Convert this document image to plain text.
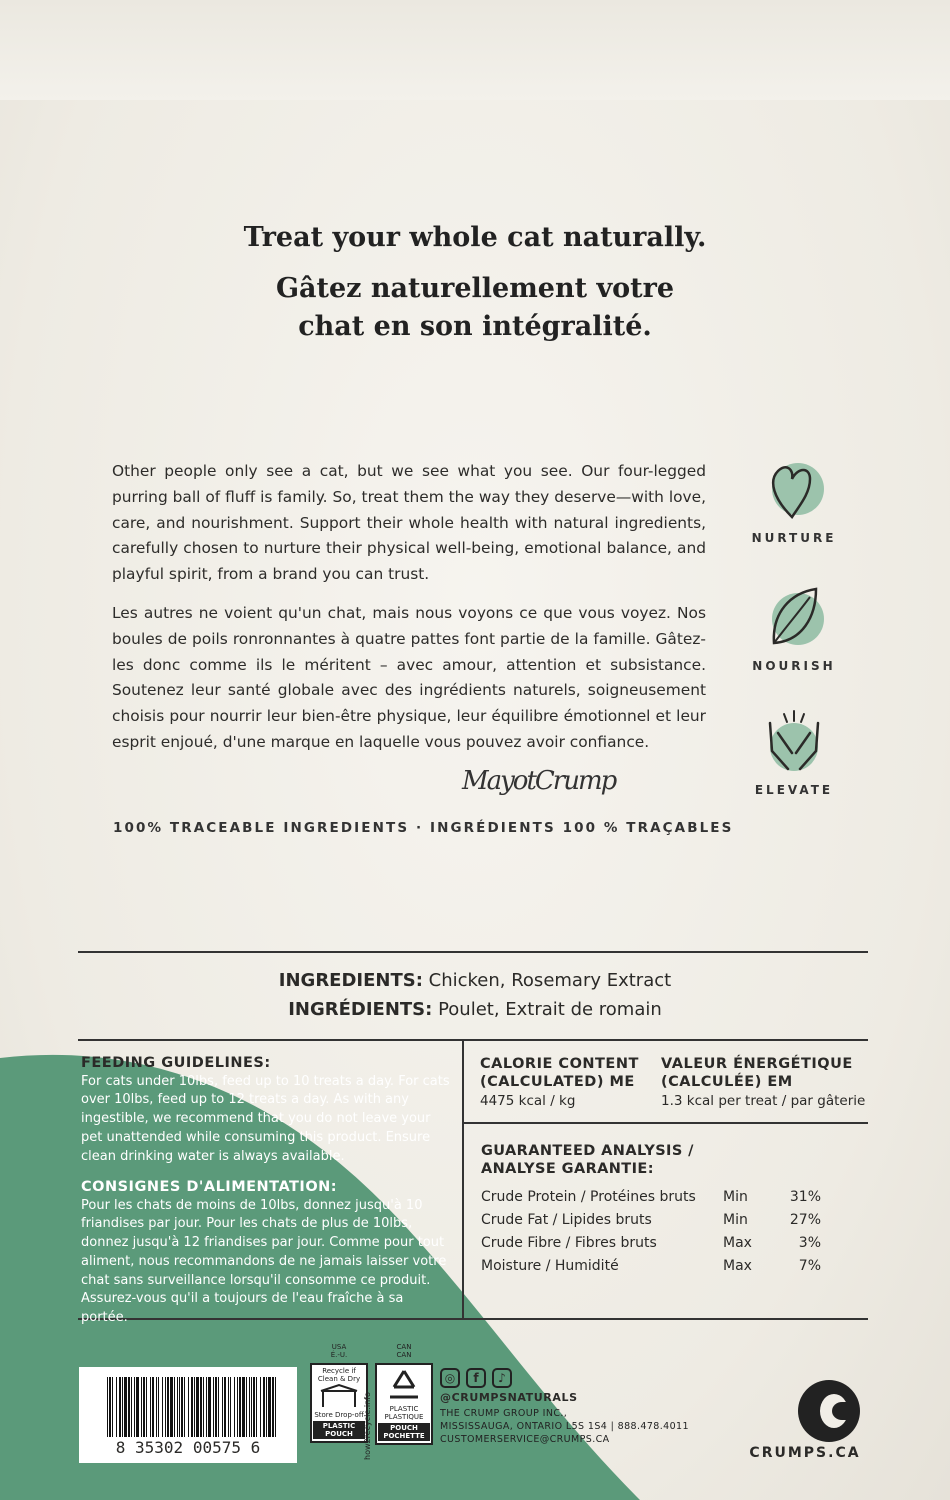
Treat your whole cat naturally.
Gâtez naturellement votre
chat en son intégralité.
Other people only see a cat, but we see what you see. Our four-legged purring ball of fluff is family. So, treat them the way they deserve—with love, care, and nourishment. Support their whole health with natural ingredients, carefully chosen to nurture their physical well-being, emotional balance, and playful spirit, from a brand you can trust.
Les autres ne voient qu'un chat, mais nous voyons ce que vous voyez. Nos boules de poils ronronnantes à quatre pattes font partie de la famille. Gâtez-les donc comme ils le méritent – avec amour, attention et subsistance. Soutenez leur santé globale avec des ingrédients naturels, soigneusement choisis pour nourrir leur bien-être physique, leur équilibre émotionnel et leur esprit enjoué, d'une marque en laquelle vous pouvez avoir confiance.
MayotCrump
100% TRACEABLE INGREDIENTS · INGRÉDIENTS 100 % TRAÇABLES
NURTURE
NOURISH
ELEVATE
INGREDIENTS: Chicken, Rosemary Extract
INGRÉDIENTS: Poulet, Extrait de romain
FEEDING GUIDELINES:
For cats under 10lbs, feed up to 10 treats a day. For cats over 10lbs, feed up to 12 treats a day. As with any ingestible, we recommend that you do not leave your pet unattended while consuming this product. Ensure clean drinking water is always available.
CONSIGNES D'ALIMENTATION:
Pour les chats de moins de 10lbs, donnez jusqu'à 10 friandises par jour. Pour les chats de plus de 10lbs, donnez jusqu'à 12 friandises par jour. Comme pour tout aliment, nous recommandons de ne jamais laisser votre chat sans surveillance lorsqu'il consomme ce produit. Assurez-vous qu'il a toujours de l'eau fraîche à sa portée.
CALORIE CONTENT
(CALCULATED) ME
4475 kcal / kg
VALEUR ÉNERGÉTIQUE
(CALCULÉE) EM
1.3 kcal per treat / par gâterie
GUARANTEED ANALYSIS /
ANALYSE GARANTIE:
Crude Protein / Protéines bruts	Min	31%
Crude Fat / Lipides bruts	Min	27%
Crude Fibre / Fibres bruts	Max	3%
Moisture / Humidité	Max	7%
8 35302 00575 6
USA
É.-U.
Recycle if Clean & Dry
Store Drop-off
PLASTIC
POUCH	how2recycle.info
CAN
CAN
PLASTIC
PLASTIQUE
POUCH
POCHETTE
◎	f	♪
@CRUMPSNATURALS
THE CRUMP GROUP INC.,
MISSISSAUGA, ONTARIO L5S 1S4 | 888.478.4011
CUSTOMERSERVICE@CRUMPS.CA
CRUMPS.CA
